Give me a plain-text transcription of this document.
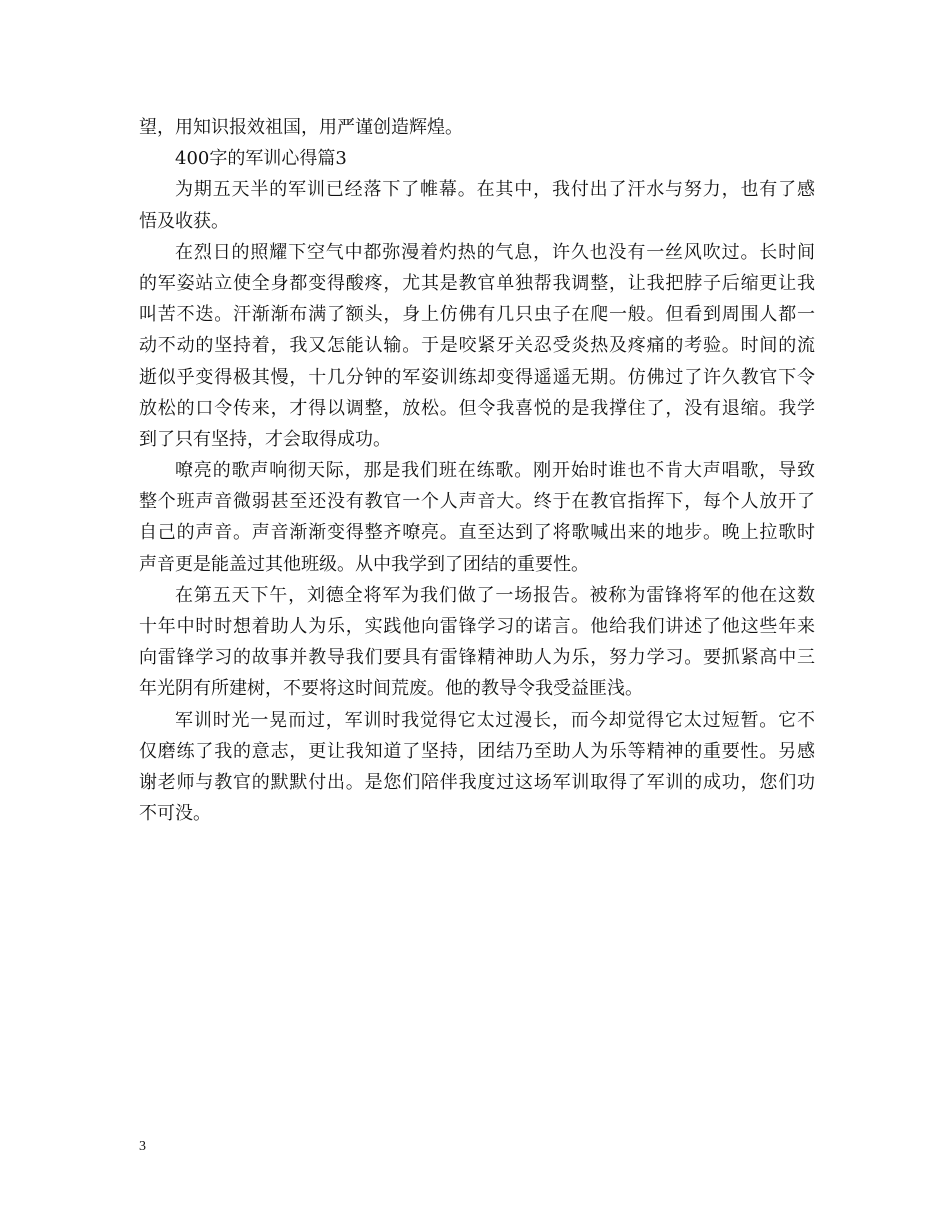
望，用知识报效祖国，用严谨创造辉煌。
400字的军训心得篇3
为期五天半的军训已经落下了帷幕。在其中，我付出了汗水与努力，也有了感
悟及收获。
在烈日的照耀下空气中都弥漫着灼热的气息，许久也没有一丝风吹过。长时间
的军姿站立使全身都变得酸疼，尤其是教官单独帮我调整，让我把脖子后缩更让我
叫苦不迭。汗渐渐布满了额头，身上仿佛有几只虫子在爬一般。但看到周围人都一
动不动的坚持着，我又怎能认输。于是咬紧牙关忍受炎热及疼痛的考验。时间的流
逝似乎变得极其慢，十几分钟的军姿训练却变得遥遥无期。仿佛过了许久教官下令
放松的口令传来，才得以调整，放松。但令我喜悦的是我撑住了，没有退缩。我学
到了只有坚持，才会取得成功。
嘹亮的歌声响彻天际，那是我们班在练歌。刚开始时谁也不肯大声唱歌，导致
整个班声音微弱甚至还没有教官一个人声音大。终于在教官指挥下，每个人放开了
自己的声音。声音渐渐变得整齐嘹亮。直至达到了将歌喊出来的地步。晚上拉歌时
声音更是能盖过其他班级。从中我学到了团结的重要性。
在第五天下午，刘德全将军为我们做了一场报告。被称为雷锋将军的他在这数
十年中时时想着助人为乐，实践他向雷锋学习的诺言。他给我们讲述了他这些年来
向雷锋学习的故事并教导我们要具有雷锋精神助人为乐，努力学习。要抓紧高中三
年光阴有所建树，不要将这时间荒废。他的教导令我受益匪浅。
军训时光一晃而过，军训时我觉得它太过漫长，而今却觉得它太过短暂。它不
仅磨练了我的意志，更让我知道了坚持，团结乃至助人为乐等精神的重要性。另感
谢老师与教官的默默付出。是您们陪伴我度过这场军训取得了军训的成功，您们功
不可没。
3
